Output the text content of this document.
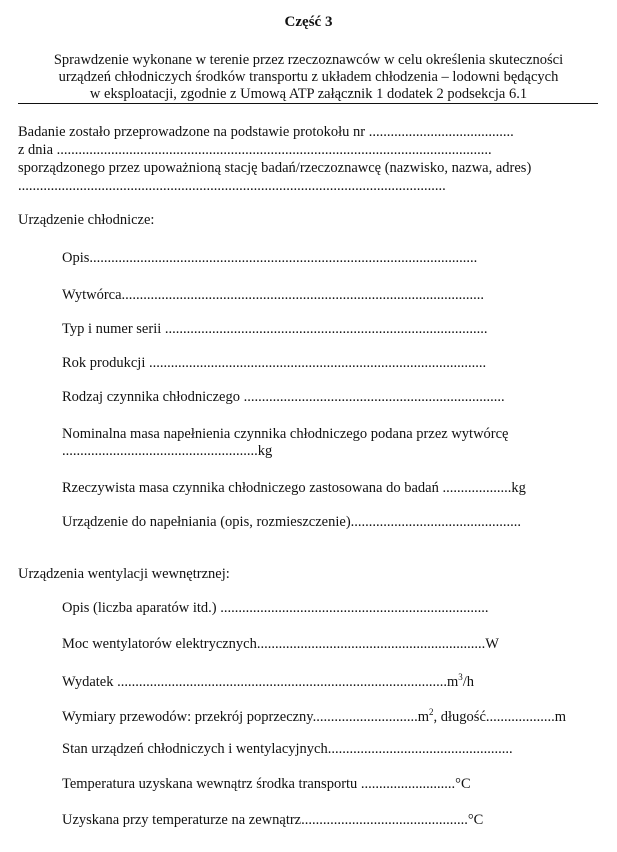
Część 3
Sprawdzenie wykonane w terenie przez rzeczoznawców w celu określenia skuteczności
urządzeń chłodniczych środków transportu z układem chłodzenia – lodowni będących
w eksploatacji, zgodnie z Umową ATP załącznik 1 dodatek 2 podsekcja 6.1
Badanie zostało przeprowadzone na podstawie protokołu nr ........................................
z dnia ........................................................................................................................
sporządzonego przez upoważnioną stację badań/rzeczoznawcę (nazwisko, nazwa, adres)
......................................................................................................................
Urządzenie chłodnicze:
Opis...........................................................................................................
Wytwórca....................................................................................................
Typ i numer serii .........................................................................................
Rok produkcji .............................................................................................
Rodzaj czynnika chłodniczego ........................................................................
Nominalna masa napełnienia czynnika chłodniczego podana przez wytwórcę
......................................................kg
Rzeczywista masa czynnika chłodniczego zastosowana do badań ...................kg
Urządzenie do napełniania (opis, rozmieszczenie)...............................................
Urządzenia wentylacji wewnętrznej:
Opis (liczba aparatów itd.) ..........................................................................
Moc wentylatorów elektrycznych...............................................................W
Wydatek $...........................................................................................m^3/h$
Wymiary przewodów: przekrój $poprzeczny.............................m^2$, długość...................m
Stan urządzeń chłodniczych i wentylacyjnych...................................................
Temperatura uzyskana wewnątrz środka transportu ..........................°C
Uzyskana przy temperaturze na zewnątrz..............................................°C
